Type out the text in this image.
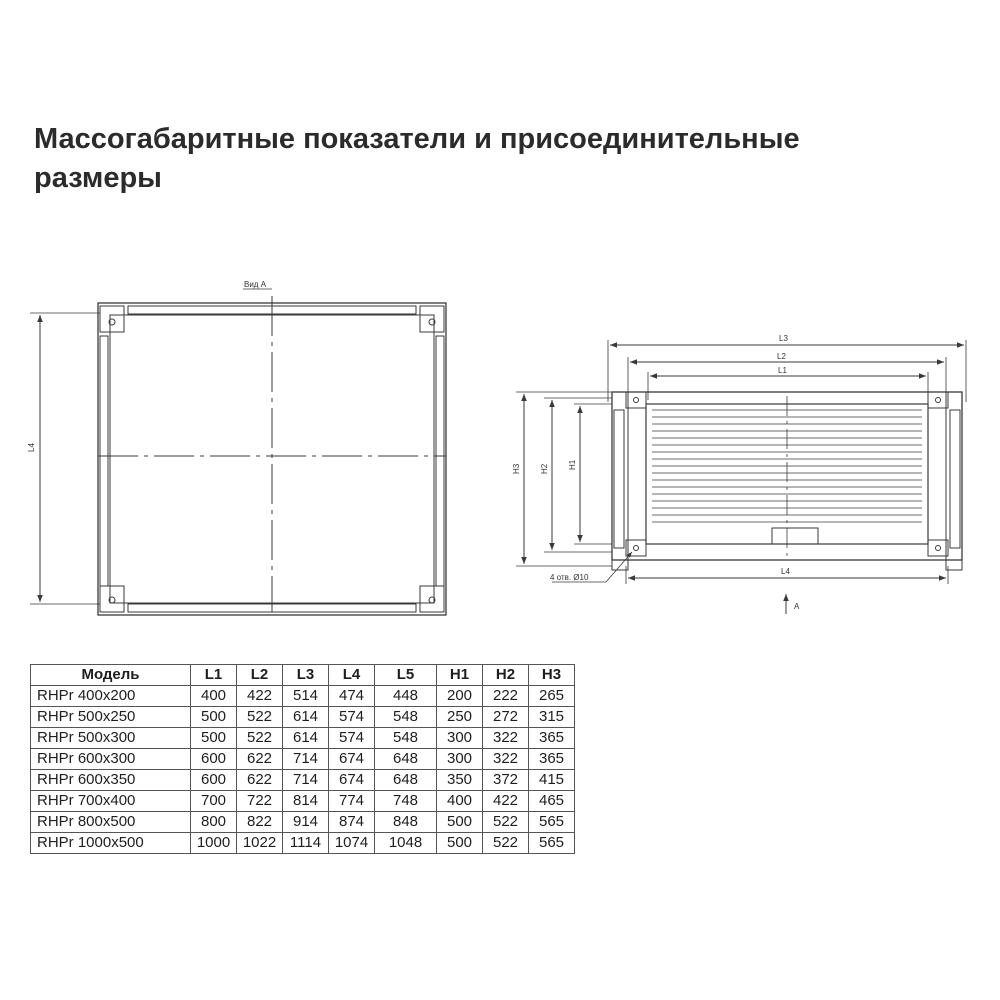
Массогабаритные показатели и присоединительные
размеры
Вид А
L4
L3
L2
L1
H3 H2 H1
L4
4 отв. Ø10
А
Модель	L1	L2	L3	L4	L5	H1	H2	H3
RHPr 400x200	400	422	514	474	448	200	222	265
RHPr 500x250	500	522	614	574	548	250	272	315
RHPr 500x300	500	522	614	574	548	300	322	365
RHPr 600x300	600	622	714	674	648	300	322	365
RHPr 600x350	600	622	714	674	648	350	372	415
RHPr 700x400	700	722	814	774	748	400	422	465
RHPr 800x500	800	822	914	874	848	500	522	565
RHPr 1000x500	1000	1022	1114	1074	1048	500	522	565
